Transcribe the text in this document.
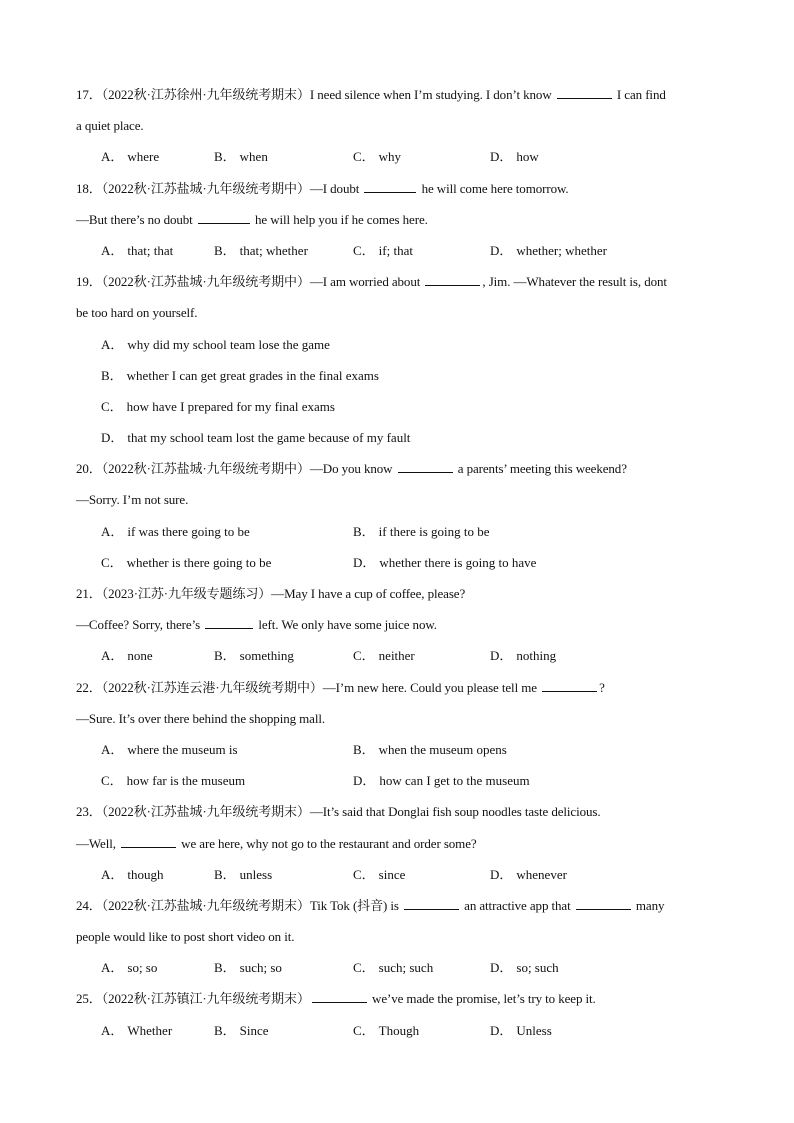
17．（2022秋·江苏徐州·九年级统考期末）I need silence when I’m studying. I don’t know	I can find
a quiet place.
A． where	B． when	C． why	D． how
18．（2022秋·江苏盐城·九年级统考期中）—I doubt	he will come here tomorrow.
—But there’s no doubt	he will help you if he comes here.
A． that; that	B． that; whether	C． if; that	D． whether; whether
19．（2022秋·江苏盐城·九年级统考期中）—I am worried about	, Jim. —Whatever the result is, dont
be too hard on yourself.
A． why did my school team lose the game
B． whether I can get great grades in the final exams
C． how have I prepared for my final exams
D． that my school team lost the game because of my fault
20．（2022秋·江苏盐城·九年级统考期中）—Do you know	a parents’ meeting this weekend?
—Sorry. I’m not sure.
A． if was there going to be	B． if there is going to be
C． whether is there going to be	D． whether there is going to have
21．（2023·江苏·九年级专题练习）—May I have a cup of coffee, please?
—Coffee? Sorry, there’s	left. We only have some juice now.
A． none	B． something	C． neither	D． nothing
22．（2022秋·江苏连云港·九年级统考期中）—I’m new here. Could you please tell me	?
—Sure. It’s over there behind the shopping mall.
A． where the museum is	B． when the museum opens
C． how far is the museum	D． how can I get to the museum
23．（2022秋·江苏盐城·九年级统考期末）—It’s said that Donglai fish soup noodles taste delicious.
—Well,	we are here, why not go to the restaurant and order some?
A． though	B． unless	C． since	D． whenever
24．（2022秋·江苏盐城·九年级统考期末）Tik Tok (抖音) is	an attractive app that	many
people would like to post short video on it.
A． so; so	B． such; so	C． such; such	D． so; such
25．（2022秋·江苏镇江·九年级统考期末）	we’ve made the promise, let’s try to keep it.
A． Whether	B． Since	C． Though	D． Unless
